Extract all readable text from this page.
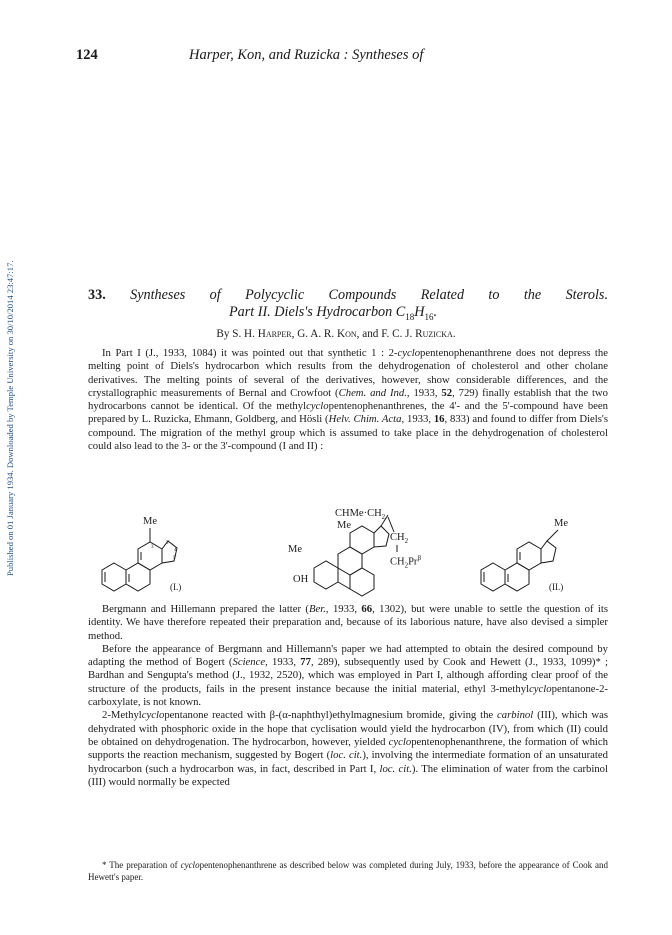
Published on 01 January 1934. Downloaded by Temple University on 30/10/2014 23:47:17.
124	Harper, Kon, and Ruzicka : Syntheses of
33. Syntheses of Polycyclic Compounds Related to the Sterols.
Part II. Diels's Hydrocarbon $C_{18}H_{16}$.
By S. H. Harper, G. A. R. Kon, and F. C. J. Ruzicka.

In Part I (J., 1933, 1084) it was pointed out that synthetic 1 : 2-cyclopentenophenanthrene does not depress the melting point of Diels's hydrocarbon which results from the dehydrogenation of cholesterol and other cholane derivatives. The melting points of several of the derivatives, however, show considerable differences, and the crystallographic measurements of Bernal and Crowfoot (Chem. and Ind., 1933, 52, 729) finally establish that the two hydrocarbons cannot be identical. Of the methylcyclopentenophenanthrenes, the 4'- and the 5'-compound have been prepared by L. Ruzicka, Ehmann, Goldberg, and Hösli (Helv. Chim. Acta, 1933, 16, 833) and found to differ from Diels's compound. The migration of the methyl group which is assumed to take place in the dehydrogenation of cholesterol could also lead to the 3- or the 3'-compound (I and II) :

Me
3
3'
4'
5'
(I.)
$CHMe\cdot CH_2$
Me
Me
$CH_2$
$CH_2Pr^\beta$
OH
Me
(II.)

Bergmann and Hillemann prepared the latter (Ber., 1933, 66, 1302), but were unable to settle the question of its identity. We have therefore repeated their preparation and, because of its laborious nature, have also devised a simpler method.

Before the appearance of Bergmann and Hillemann's paper we had attempted to obtain the desired compound by adapting the method of Bogert (Science, 1933, 77, 289), subsequently used by Cook and Hewett (J., 1933, 1099)* ; Bardhan and Sengupta's method (J., 1932, 2520), which was employed in Part I, although affording clear proof of the structure of the products, fails in the present instance because the initial material, ethyl 3-methylcyclopentanone-2-carboxylate, is not known.

2-Methylcyclopentanone reacted with β-(α-naphthyl)ethylmagnesium bromide, giving the carbinol (III), which was dehydrated with phosphoric oxide in the hope that cyclisation would yield the hydrocarbon (IV), from which (II) could be obtained on dehydrogenation. The hydrocarbon, however, yielded cyclopentenophenanthrene, the formation of which supports the reaction mechanism, suggested by Bogert (loc. cit.), involving the intermediate formation of an unsaturated hydrocarbon (such a hydrocarbon was, in fact, described in Part I, loc. cit.). The elimination of water from the carbinol (III) would normally be expected

* The preparation of cyclopentenophenanthrene as described below was completed during July, 1933, before the appearance of Cook and Hewett's paper.
